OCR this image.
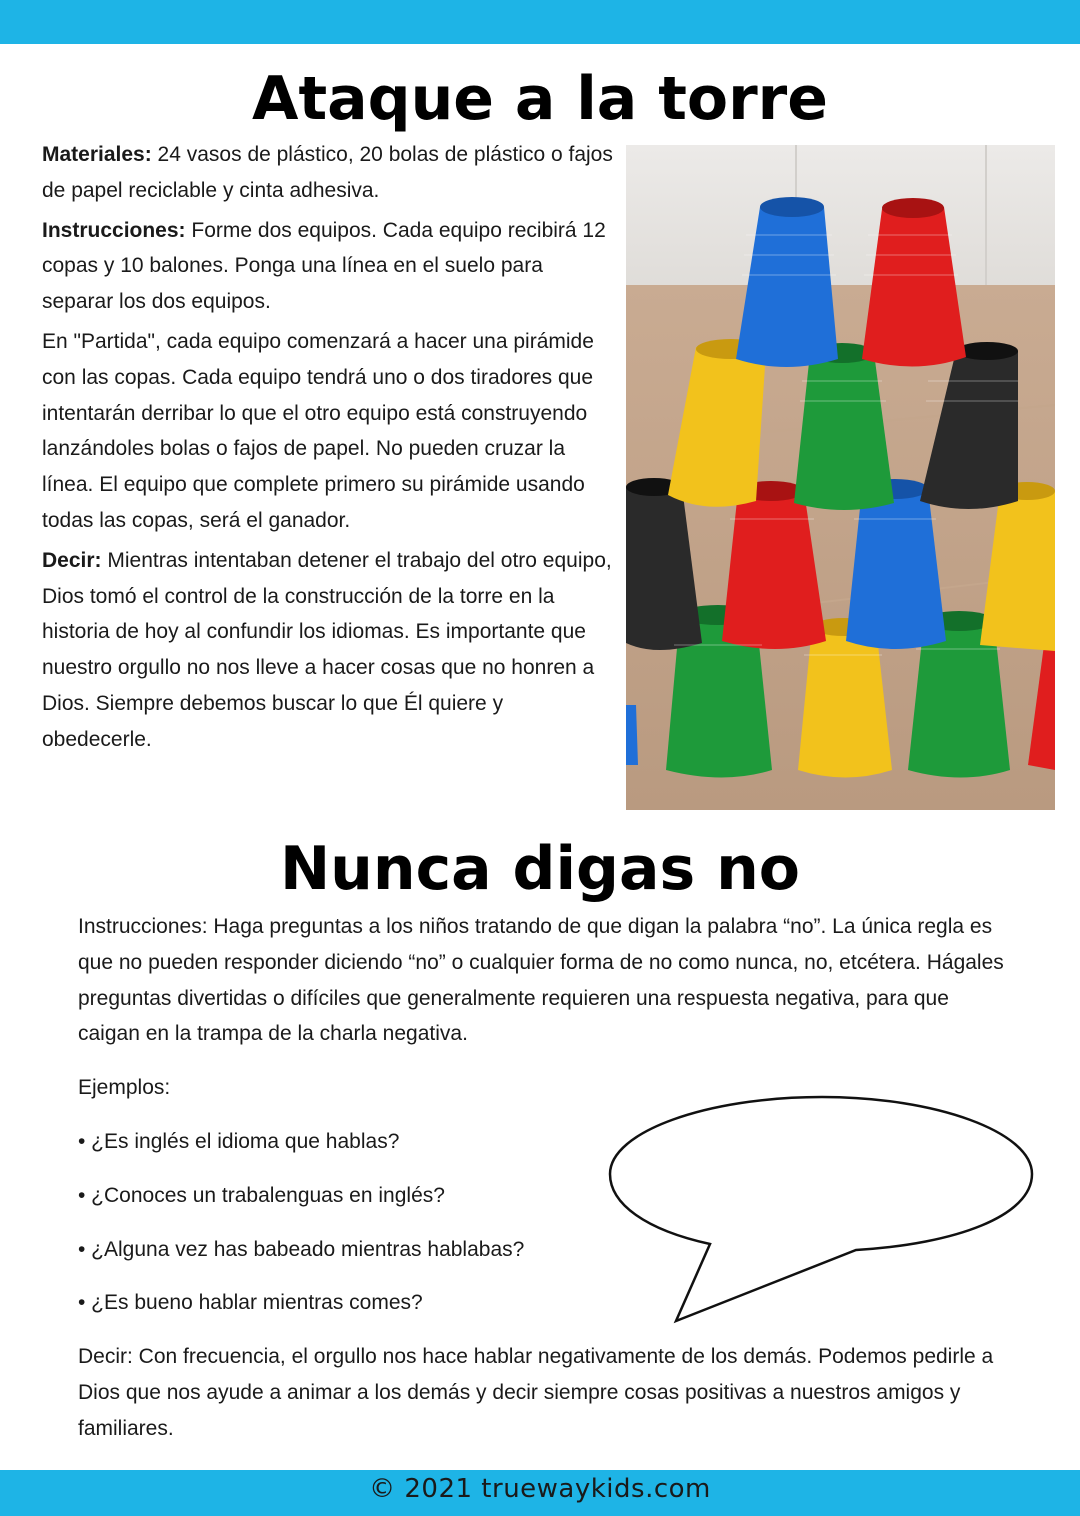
Ataque a la torre

Materiales: 24 vasos de plástico, 20 bolas de plástico o fajos de papel reciclable y cinta adhesiva.

Instrucciones: Forme dos equipos. Cada equipo recibirá 12 copas y 10 balones. Ponga una línea en el suelo para separar los dos equipos.

En "Partida", cada equipo comenzará a hacer una pirámide con las copas. Cada equipo tendrá uno o dos tiradores que intentarán derribar lo que el otro equipo está construyendo lanzándoles bolas o fajos de papel. No pueden cruzar la línea. El equipo que complete primero su pirámide usando todas las copas, será el ganador.

Decir: Mientras intentaban detener el trabajo del otro equipo, Dios tomó el control de la construcción de la torre en la historia de hoy al confundir los idiomas. Es importante que nuestro orgullo no nos lleve a hacer cosas que no honren a Dios. Siempre debemos buscar lo que Él quiere y obedecerle.

Nunca digas no

Instrucciones: Haga preguntas a los niños tratando de que digan la palabra “no”. La única regla es que no pueden responder diciendo “no” o cualquier forma de no como nunca, no, etcétera. Hágales preguntas divertidas o difíciles que generalmente requieren una respuesta negativa, para que caigan en la trampa de la charla negativa.

Ejemplos:

• ¿Es inglés el idioma que hablas?

• ¿Conoces un trabalenguas en inglés?

• ¿Alguna vez has babeado mientras hablabas?

• ¿Es bueno hablar mientras comes?

Decir: Con frecuencia, el orgullo nos hace hablar negativamente de los demás. Podemos pedirle a Dios que nos ayude a animar a los demás y decir siempre cosas positivas a nuestros amigos y familiares.

© 2021 truewaykids.com
